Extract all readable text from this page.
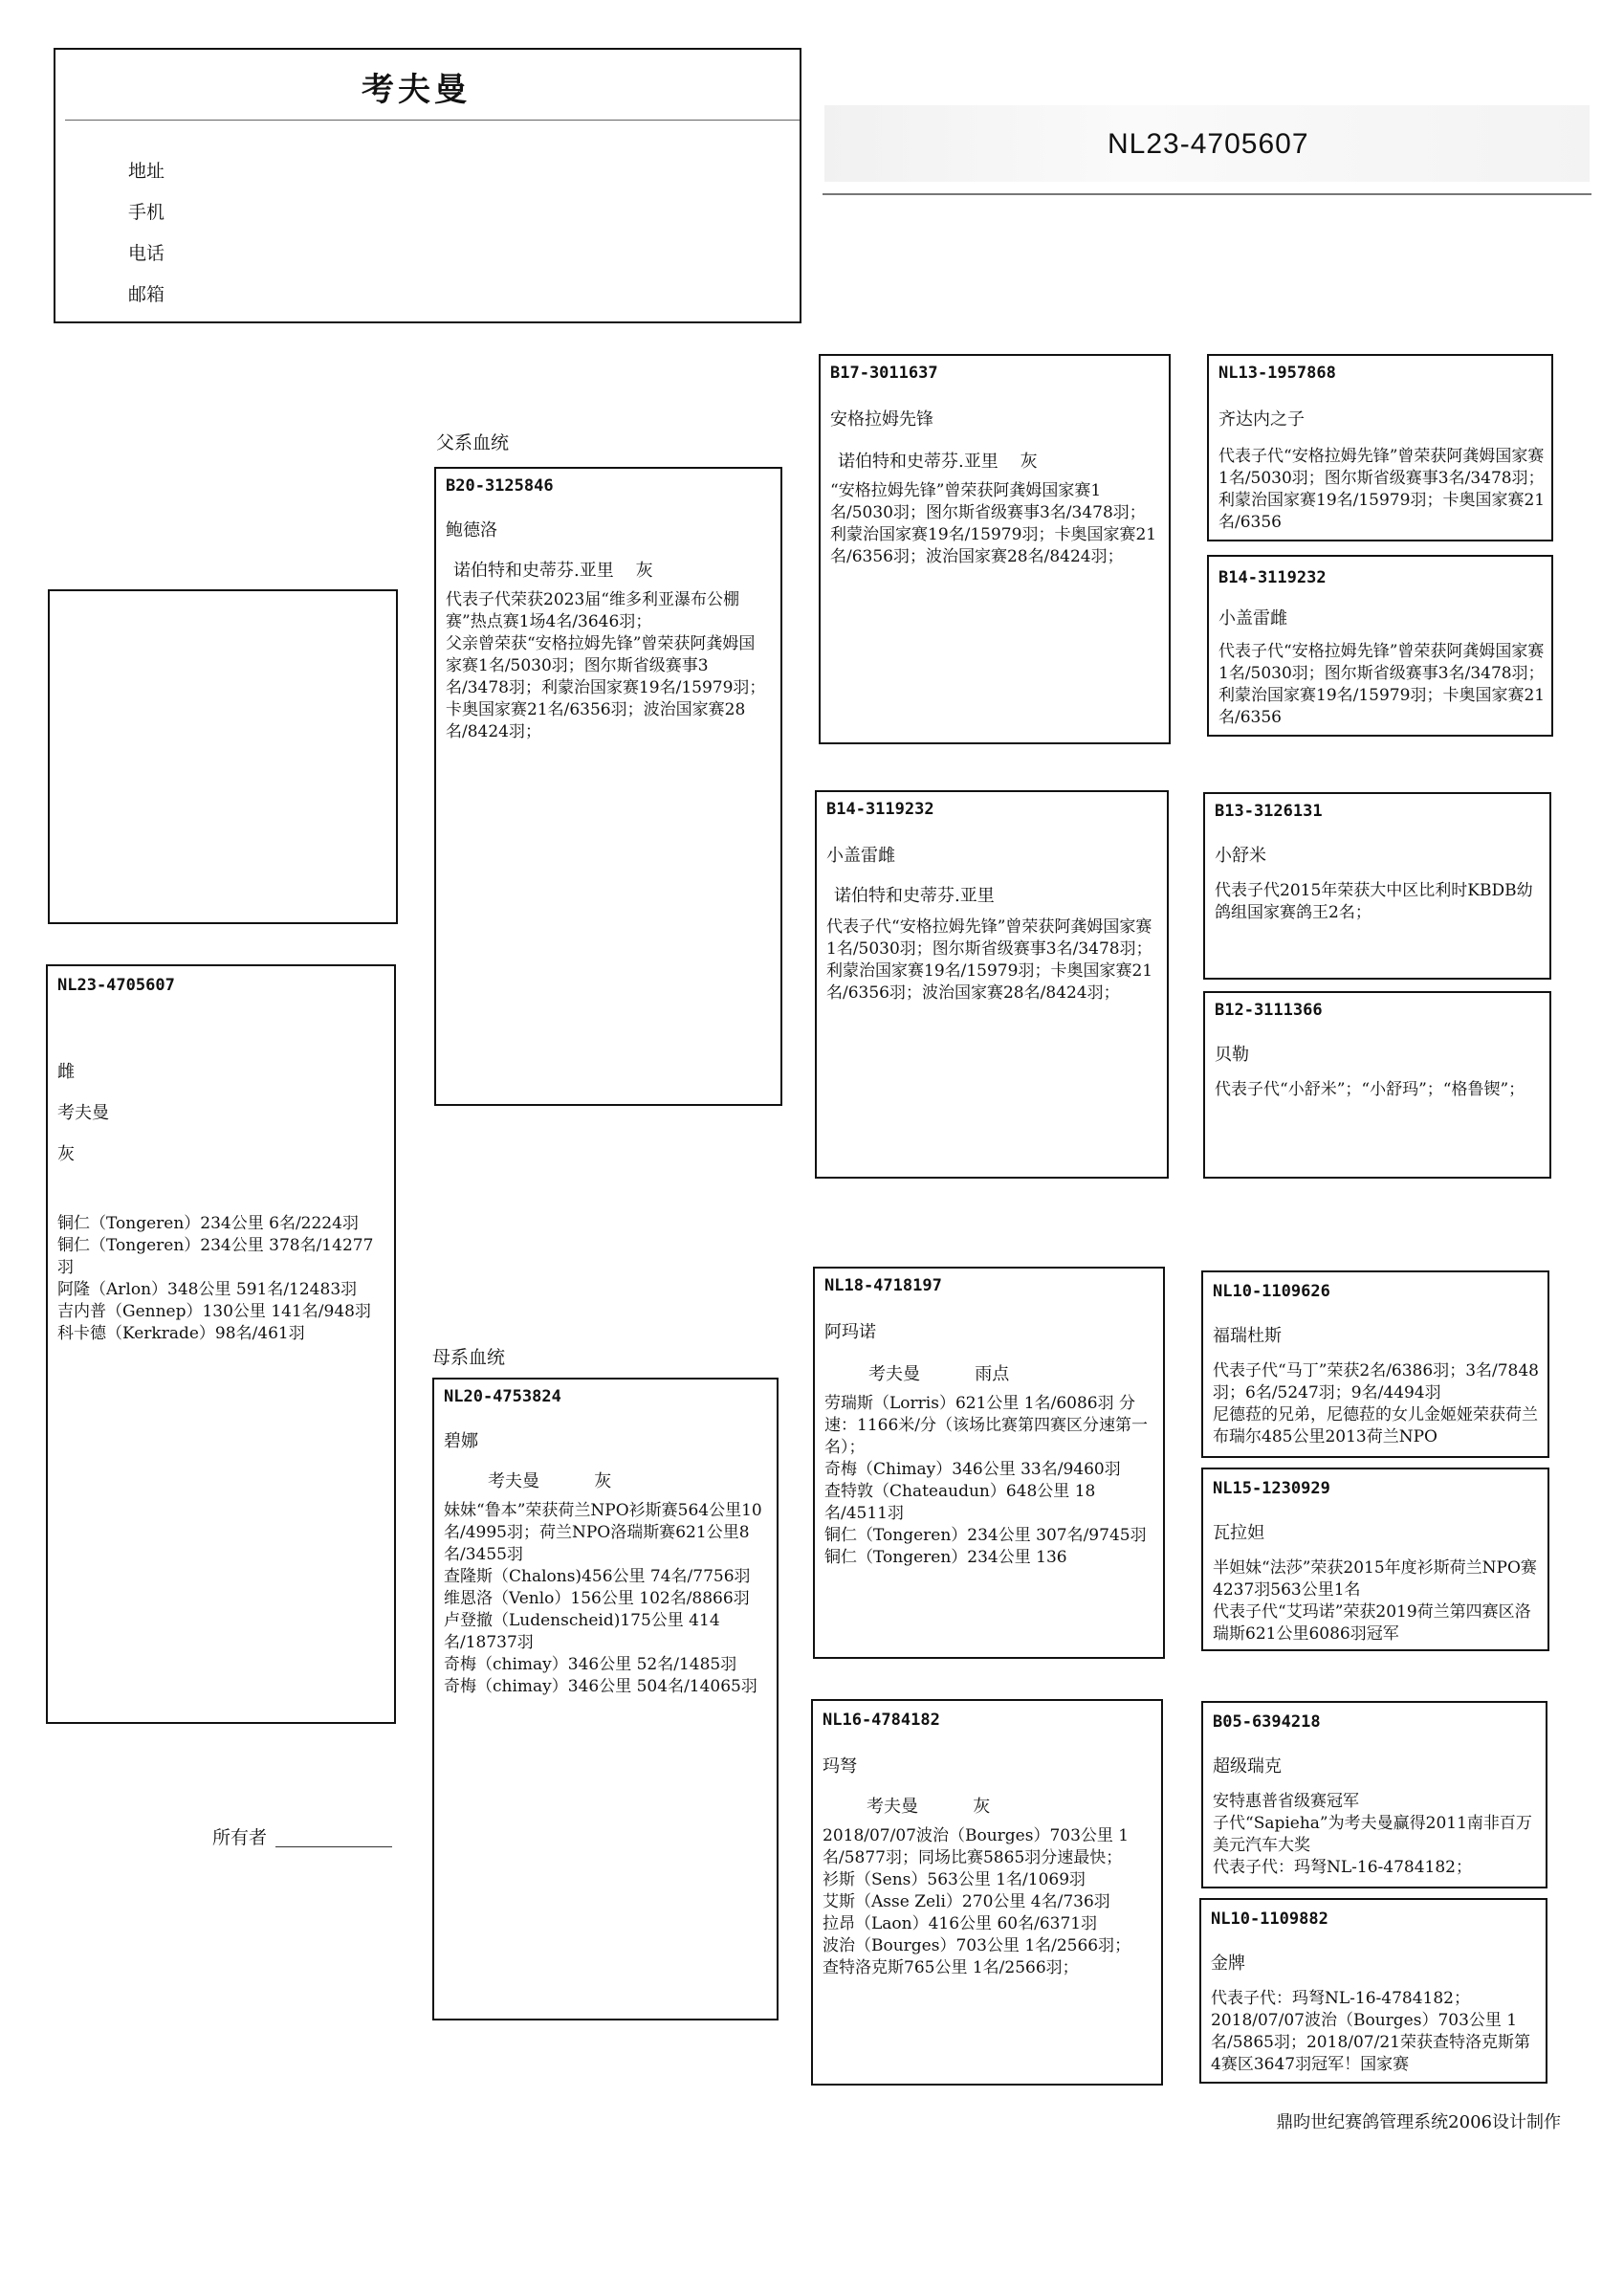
考夫曼
地址
手机
电话
邮箱
NL23-4705607
NL23-4705607
雌
考夫曼
灰
铜仁（Tongeren）234公里 6名/2224羽
铜仁（Tongeren）234公里 378名/14277羽
阿隆（Arlon）348公里 591名/12483羽
吉内普（Gennep）130公里 141名/948羽
科卡德（Kerkrade）98名/461羽
父系血统
母系血统
B20-3125846
鲍德洛
诺伯特和史蒂芬.亚里    灰
代表子代荣获2023届“维多利亚瀑布公棚赛”热点赛1场4名/3646羽；
父亲曾荣获“安格拉姆先锋”曾荣获阿龚姆国家赛1名/5030羽；图尔斯省级赛事3名/3478羽；利蒙治国家赛19名/15979羽；卡奥国家赛21名/6356羽；波治国家赛28名/8424羽；
NL20-4753824
碧娜
考夫曼          灰
妹妹“鲁本”荣获荷兰NPO衫斯赛564公里10名/4995羽；荷兰NPO洛瑞斯赛621公里8名/3455羽
查隆斯（Chalons)456公里 74名/7756羽
维恩洛（Venlo）156公里 102名/8866羽
卢登撤（Ludenscheid)175公里 414名/18737羽
奇梅（chimay）346公里 52名/1485羽
奇梅（chimay）346公里 504名/14065羽
B17-3011637
安格拉姆先锋
诺伯特和史蒂芬.亚里    灰
“安格拉姆先锋”曾荣获阿龚姆国家赛1名/5030羽；图尔斯省级赛事3名/3478羽；利蒙治国家赛19名/15979羽；卡奥国家赛21名/6356羽；波治国家赛28名/8424羽；
B14-3119232
小盖雷雌
诺伯特和史蒂芬.亚里
代表子代“安格拉姆先锋”曾荣获阿龚姆国家赛1名/5030羽；图尔斯省级赛事3名/3478羽；利蒙治国家赛19名/15979羽；卡奥国家赛21名/6356羽；波治国家赛28名/8424羽；
NL18-4718197
阿玛诺
考夫曼          雨点
劳瑞斯（Lorris）621公里 1名/6086羽 分速：1166米/分（该场比赛第四赛区分速第一名）；
奇梅（Chimay）346公里 33名/9460羽
查特敦（Chateaudun）648公里 18名/4511羽
铜仁（Tongeren）234公里 307名/9745羽
铜仁（Tongeren）234公里 136
NL16-4784182
玛弩
考夫曼          灰
2018/07/07波治（Bourges）703公里 1名/5877羽；同场比赛5865羽分速最快；
衫斯（Sens）563公里 1名/1069羽
艾斯（Asse Zeli）270公里 4名/736羽
拉昂（Laon）416公里 60名/6371羽
波治（Bourges）703公里 1名/2566羽；
查特洛克斯765公里 1名/2566羽；
NL13-1957868
齐达内之子
代表子代“安格拉姆先锋”曾荣获阿龚姆国家赛1名/5030羽；图尔斯省级赛事3名/3478羽；利蒙治国家赛19名/15979羽；卡奥国家赛21名/6356
B14-3119232
小盖雷雌
代表子代“安格拉姆先锋”曾荣获阿龚姆国家赛1名/5030羽；图尔斯省级赛事3名/3478羽；利蒙治国家赛19名/15979羽；卡奥国家赛21名/6356
B13-3126131
小舒米
代表子代2015年荣获大中区比利时KBDB幼鸽组国家赛鸽王2名；
B12-3111366
贝勒
代表子代“小舒米”；“小舒玛”；“格鲁锲”；
NL10-1109626
福瑞杜斯
代表子代“马丁”荣获2名/6386羽；3名/7848羽；6名/5247羽；9名/4494羽
尼德菈的兄弟，尼德菈的女儿金姬娅荣获荷兰布瑞尔485公里2013荷兰NPO
NL15-1230929
瓦拉妲
半妲妹“法莎”荣获2015年度衫斯荷兰NPO赛4237羽563公里1名
代表子代“艾玛诺”荣获2019荷兰第四赛区洛瑞斯621公里6086羽冠军
B05-6394218
超级瑞克
安特惠普省级赛冠军
子代“Sapieha”为考夫曼赢得2011南非百万美元汽车大奖
代表子代：玛弩NL-16-4784182；
NL10-1109882
金牌
代表子代：玛弩NL-16-4784182；
2018/07/07波治（Bourges）703公里 1名/5865羽；2018/07/21荣获查特洛克斯第4赛区3647羽冠军！国家赛
所有者
鼎昀世纪赛鸽管理系统2006设计制作
